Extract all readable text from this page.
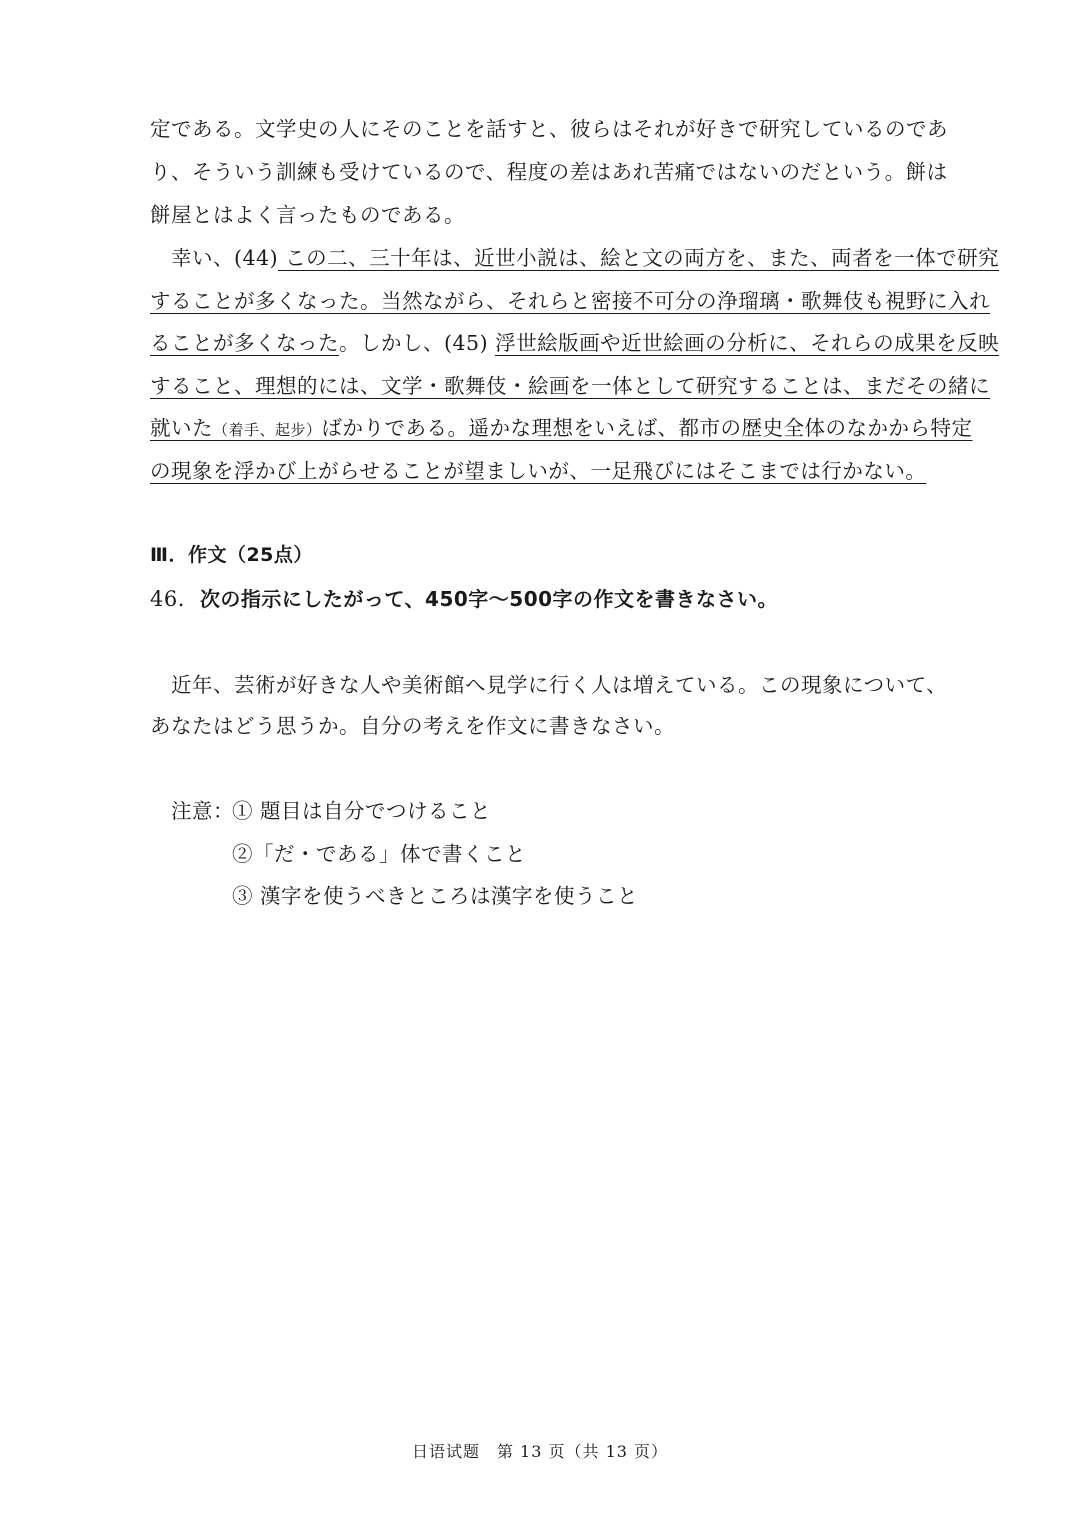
定である。文学史の人にそのことを話すと、彼らはそれが好きで研究しているのであ
り、そういう訓練も受けているので、程度の差はあれ苦痛ではないのだという。餅は
餅屋とはよく言ったものである。
幸い、(44) この二、三十年は、近世小説は、絵と文の両方を、また、両者を一体で研究
することが多くなった。当然ながら、それらと密接不可分の浄瑠璃・歌舞伎も視野に入れ
ることが多くなった。しかし、(45) 浮世絵版画や近世絵画の分析に、それらの成果を反映
すること、理想的には、文学・歌舞伎・絵画を一体として研究することは、まだその緒に
就いた（着手、起步）ばかりである。遥かな理想をいえば、都市の歴史全体のなかから特定
の現象を浮かび上がらせることが望ましいが、一足飛びにはそこまでは行かない。
Ⅲ．作文（25点）
46. 次の指示にしたがって、450字～500字の作文を書きなさい。
近年、芸術が好きな人や美術館へ見学に行く人は増えている。この現象について、
あなたはどう思うか。自分の考えを作文に書きなさい。
注意：
① 題目は自分でつけること
②「だ・である」体で書くこと
③ 漢字を使うべきところは漢字を使うこと
日语试题　第 13 页（共 13 页）
